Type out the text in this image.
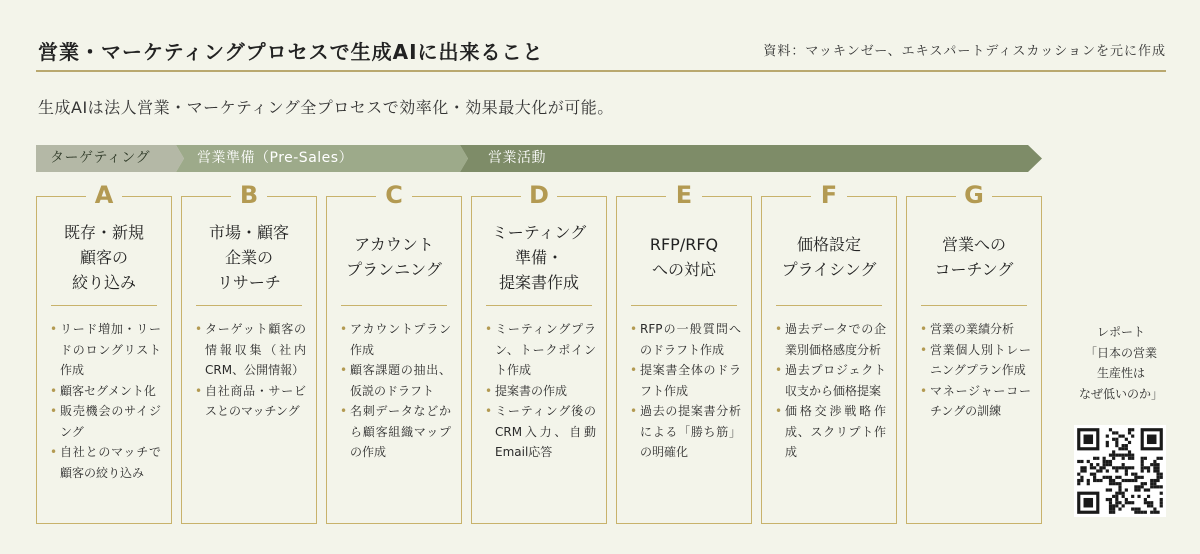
営業・マーケティングプロセスで生成AIに出来ること	資料：マッキンゼー、エキスパートディスカッションを元に作成
生成AIは法人営業・マーケティング全プロセスで効率化・効果最大化が可能。
ターゲティング	営業準備（Pre-Sales）	営業活動
A
既存・新規
顧客の
絞り込み
• リード増加・リードのロングリスト作成
• 顧客セグメント化
• 販売機会のサイジング
• 自社とのマッチで顧客の絞り込み
B
市場・顧客
企業の
リサーチ
• ターゲット顧客の情報収集（社内CRM、公開情報）
• 自社商品・サービスとのマッチング
C
アカウント
プランニング
• アカウントプラン作成
• 顧客課題の抽出、仮説のドラフト
• 名刺データなどから顧客組織マップの作成
D
ミーティング
準備・
提案書作成
• ミーティングプラン、トークポイント作成
• 提案書の作成
• ミーティング後のCRM入力、自動Email応答
E
RFP/RFQ
への対応
• RFPの一般質問へのドラフト作成
• 提案書全体のドラフト作成
• 過去の提案書分析による「勝ち筋」の明確化
F
価格設定
プライシング
• 過去データでの企業別価格感度分析
• 過去プロジェクト収支から価格提案
• 価格交渉戦略作成、スクリプト作成
G
営業への
コーチング
• 営業の業績分析
• 営業個人別トレーニングプラン作成
• マネージャーコーチングの訓練
レポート
「日本の営業
生産性は
なぜ低いのか」
